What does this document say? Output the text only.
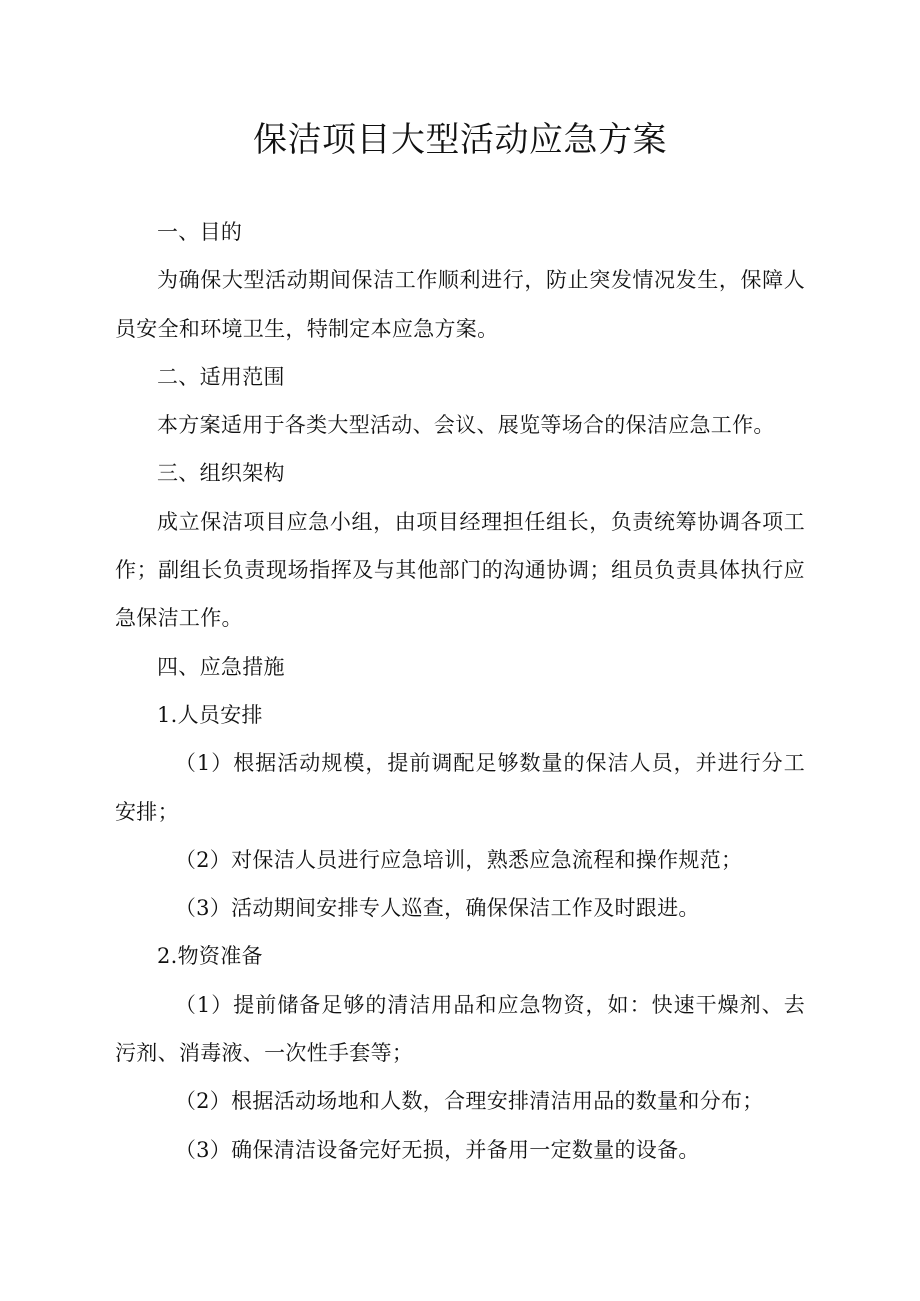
保洁项目大型活动应急方案

一、目的

为确保大型活动期间保洁工作顺利进行，防止突发情况发生，保障人员安全和环境卫生，特制定本应急方案。

二、适用范围

本方案适用于各类大型活动、会议、展览等场合的保洁应急工作。

三、组织架构

成立保洁项目应急小组，由项目经理担任组长，负责统筹协调各项工作；副组长负责现场指挥及与其他部门的沟通协调；组员负责具体执行应急保洁工作。

四、应急措施

1.人员安排

（1）根据活动规模，提前调配足够数量的保洁人员，并进行分工安排；

（2）对保洁人员进行应急培训，熟悉应急流程和操作规范；

（3）活动期间安排专人巡查，确保保洁工作及时跟进。

2.物资准备

（1）提前储备足够的清洁用品和应急物资，如：快速干燥剂、去污剂、消毒液、一次性手套等；

（2）根据活动场地和人数，合理安排清洁用品的数量和分布；

（3）确保清洁设备完好无损，并备用一定数量的设备。
